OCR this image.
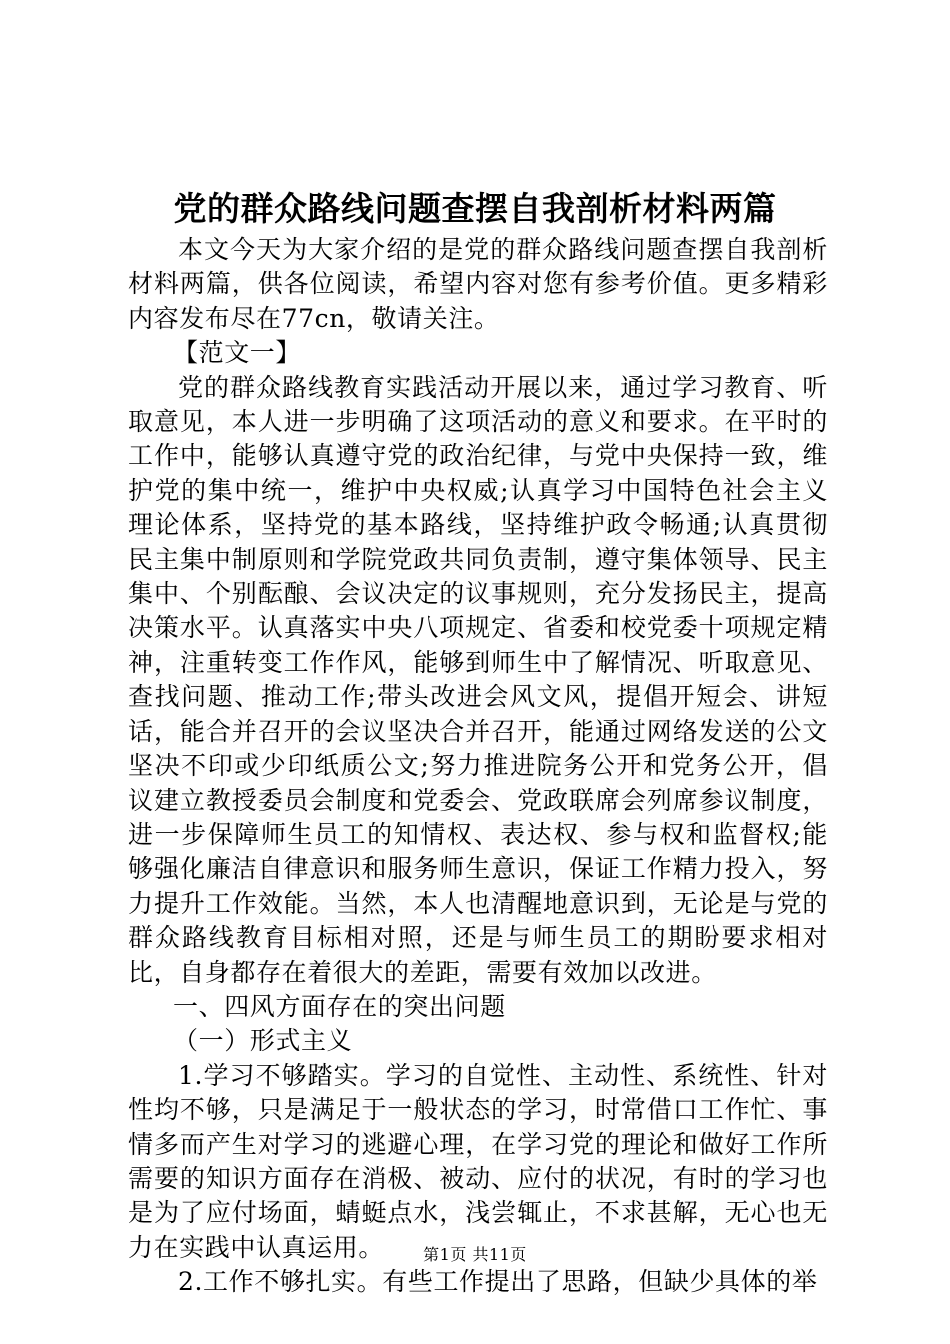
党的群众路线问题查摆自我剖析材料两篇

本文今天为大家介绍的是党的群众路线问题查摆自我剖析材料两篇，供各位阅读，希望内容对您有参考价值。更多精彩内容发布尽在77cn，敬请关注。

【范文一】

党的群众路线教育实践活动开展以来，通过学习教育、听取意见，本人进一步明确了这项活动的意义和要求。在平时的工作中，能够认真遵守党的政治纪律，与党中央保持一致，维护党的集中统一，维护中央权威;认真学习中国特色社会主义理论体系，坚持党的基本路线，坚持维护政令畅通;认真贯彻民主集中制原则和学院党政共同负责制，遵守集体领导、民主集中、个别酝酿、会议决定的议事规则，充分发扬民主，提高决策水平。认真落实中央八项规定、省委和校党委十项规定精神，注重转变工作作风，能够到师生中了解情况、听取意见、查找问题、推动工作;带头改进会风文风，提倡开短会、讲短话，能合并召开的会议坚决合并召开，能通过网络发送的公文坚决不印或少印纸质公文;努力推进院务公开和党务公开，倡议建立教授委员会制度和党委会、党政联席会列席参议制度，进一步保障师生员工的知情权、表达权、参与权和监督权;能够强化廉洁自律意识和服务师生意识，保证工作精力投入，努力提升工作效能。当然，本人也清醒地意识到，无论是与党的群众路线教育目标相对照，还是与师生员工的期盼要求相对比，自身都存在着很大的差距，需要有效加以改进。

一、四风方面存在的突出问题

（一）形式主义

1.学习不够踏实。学习的自觉性、主动性、系统性、针对性均不够，只是满足于一般状态的学习，时常借口工作忙、事情多而产生对学习的逃避心理，在学习党的理论和做好工作所需要的知识方面存在消极、被动、应付的状况，有时的学习也是为了应付场面，蜻蜓点水，浅尝辄止，不求甚解，无心也无力在实践中认真运用。

2.工作不够扎实。有些工作提出了思路，但缺少具体的举

第1页 共11页
